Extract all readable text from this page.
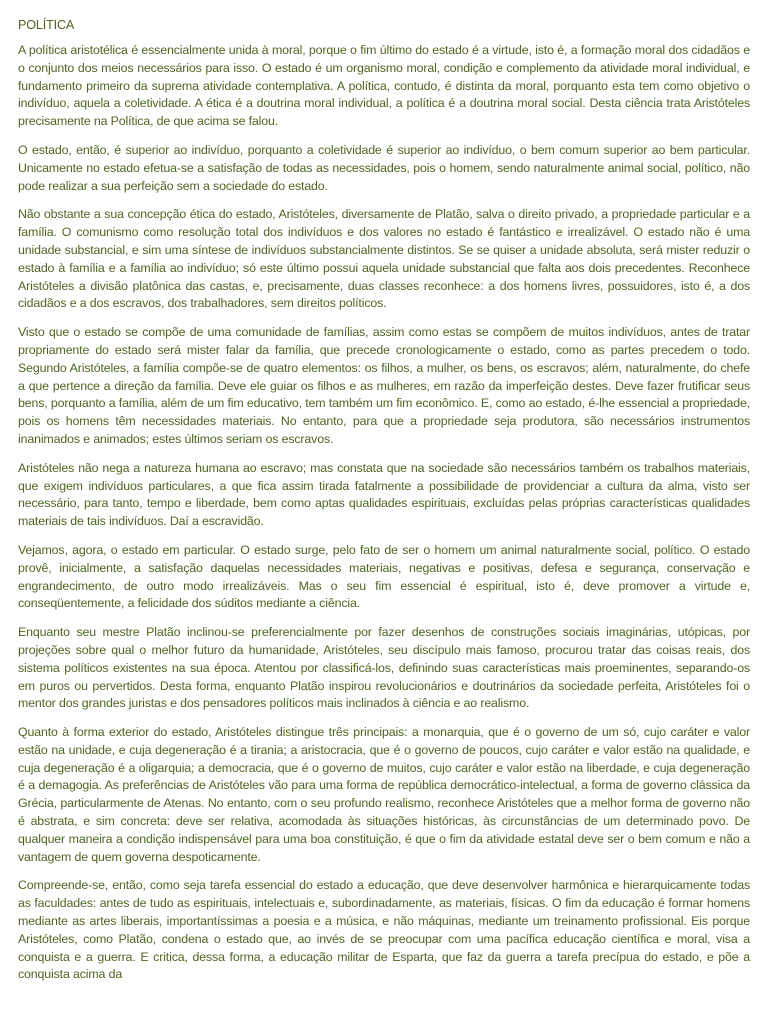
POLÍTICA

A política aristotélica é essencialmente unida à moral, porque o fim último do estado é a virtude, isto é, a formação moral dos cidadãos e o conjunto dos meios necessários para isso. O estado é um organismo moral, condição e complemento da atividade moral individual, e fundamento primeiro da suprema atividade contemplativa. A política, contudo, é distinta da moral, porquanto esta tem como objetivo o indivíduo, aquela a coletividade. A ética é a doutrina moral individual, a política é a doutrina moral social. Desta ciência trata Aristóteles precisamente na Política, de que acima se falou.

O estado, então, é superior ao indivíduo, porquanto a coletividade é superior ao indivíduo, o bem comum superior ao bem particular. Unicamente no estado efetua-se a satisfação de todas as necessidades, pois o homem, sendo naturalmente animal social, político, não pode realizar a sua perfeição sem a sociedade do estado.

Não obstante a sua concepção ética do estado, Aristóteles, diversamente de Platão, salva o direito privado, a propriedade particular e a família. O comunismo como resolução total dos indivíduos e dos valores no estado é fantástico e irrealizável. O estado não é uma unidade substancial, e sim uma síntese de indivíduos substancialmente distintos. Se se quiser a unidade absoluta, será mister reduzir o estado à família e a família ao indivíduo; só este último possui aquela unidade substancial que falta aos dois precedentes. Reconhece Aristóteles a divisão platônica das castas, e, precisamente, duas classes reconhece: a dos homens livres, possuidores, isto é, a dos cidadãos e a dos escravos, dos trabalhadores, sem direitos políticos.

Visto que o estado se compõe de uma comunidade de famílias, assim como estas se compõem de muitos indivíduos, antes de tratar propriamente do estado será mister falar da família, que precede cronologicamente o estado, como as partes precedem o todo. Segundo Aristóteles, a família compõe-se de quatro elementos: os filhos, a mulher, os bens, os escravos; além, naturalmente, do chefe a que pertence a direção da família. Deve ele guiar os filhos e as mulheres, em razão da imperfeição destes. Deve fazer frutificar seus bens, porquanto a família, além de um fim educativo, tem também um fim econômico. E, como ao estado, é-lhe essencial a propriedade, pois os homens têm necessidades materiais. No entanto, para que a propriedade seja produtora, são necessários instrumentos inanimados e animados; estes últimos seriam os escravos.

Aristóteles não nega a natureza humana ao escravo; mas constata que na sociedade são necessários também os trabalhos materiais, que exigem indivíduos particulares, a que fica assim tirada fatalmente a possibilidade de providenciar a cultura da alma, visto ser necessário, para tanto, tempo e liberdade, bem como aptas qualidades espirituais, excluídas pelas próprias características qualidades materiais de tais indivíduos. Daí a escravidão.

Vejamos, agora, o estado em particular. O estado surge, pelo fato de ser o homem um animal naturalmente social, político. O estado provê, inicialmente, a satisfação daquelas necessidades materiais, negativas e positivas, defesa e segurança, conservação e engrandecimento, de outro modo irrealizáveis. Mas o seu fim essencial é espiritual, isto é, deve promover a virtude e, conseqüentemente, a felicidade dos súditos mediante a ciência.

Enquanto seu mestre Platão inclinou-se preferencialmente por fazer desenhos de construções sociais imaginárias, utópicas, por projeções sobre qual o melhor futuro da humanidade, Aristóteles, seu discípulo mais famoso, procurou tratar das coisas reais, dos sistema políticos existentes na sua época. Atentou por classificá-los, definindo suas características mais proeminentes, separando-os em puros ou pervertidos. Desta forma, enquanto Platão inspirou revolucionários e doutrinários da sociedade perfeita, Aristóteles foi o mentor dos grandes juristas e dos pensadores políticos mais inclinados à ciência e ao realismo.

Quanto à forma exterior do estado, Aristóteles distingue três principais: a monarquia, que é o governo de um só, cujo caráter e valor estão na unidade, e cuja degeneração é a tirania; a aristocracia, que é o governo de poucos, cujo caráter e valor estão na qualidade, e cuja degeneração é a oligarquia; a democracia, que é o governo de muitos, cujo caráter e valor estão na liberdade, e cuja degeneração é a demagogia. As preferências de Aristóteles vão para uma forma de república democrático-intelectual, a forma de governo clássica da Grécia, particularmente de Atenas. No entanto, com o seu profundo realismo, reconhece Aristóteles que a melhor forma de governo não é abstrata, e sim concreta: deve ser relativa, acomodada às situações históricas, às circunstâncias de um determinado povo. De qualquer maneira a condição indispensável para uma boa constituição, é que o fim da atividade estatal deve ser o bem comum e não a vantagem de quem governa despoticamente.

Compreende-se, então, como seja tarefa essencial do estado a educação, que deve desenvolver harmônica e hierarquicamente todas as faculdades: antes de tudo as espirituais, intelectuais e, subordinadamente, as materiais, físicas. O fim da educação é formar homens mediante as artes liberais, importantíssimas a poesia e a música, e não máquinas, mediante um treinamento profissional. Eis porque Aristóteles, como Platão, condena o estado que, ao invés de se preocupar com uma pacífica educação científica e moral, visa a conquista e a guerra. E critica, dessa forma, a educação militar de Esparta, que faz da guerra a tarefa precípua do estado, e põe a conquista acima da
